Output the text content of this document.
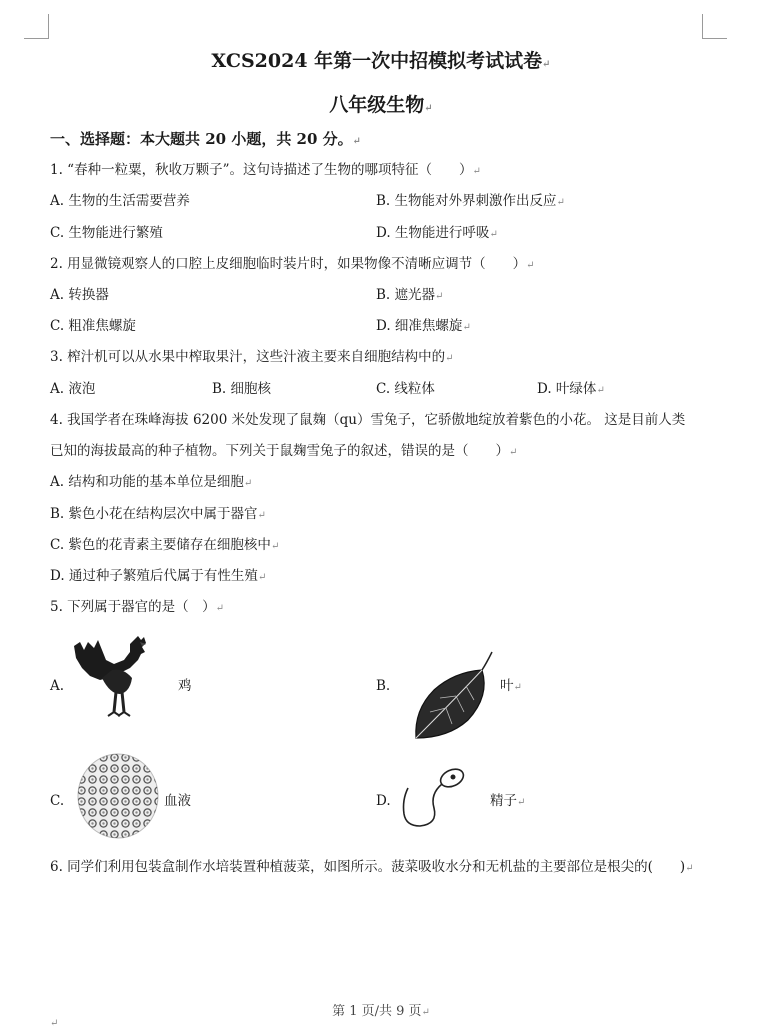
XCS2024 年第一次中招模拟考试试卷↵
八年级生物↵
一、选择题：本大题共 20 小题，共 20 分。↵
1. “春种一粒粟，秋收万颗子”。这句诗描述了生物的哪项特征（　　）↵
A. 生物的生活需要营养	B. 生物能对外界刺激作出反应↵
C. 生物能进行繁殖	D. 生物能进行呼吸↵
2. 用显微镜观察人的口腔上皮细胞临时装片时，如果物像不清晰应调节（　　）↵
A. 转换器	B. 遮光器↵
C. 粗准焦螺旋	D. 细准焦螺旋↵
3. 榨汁机可以从水果中榨取果汁，这些汁液主要来自细胞结构中的↵
A. 液泡	B. 细胞核	C. 线粒体	D. 叶绿体↵
4. 我国学者在珠峰海拔 6200 米处发现了鼠麹（qu）雪兔子，它骄傲地绽放着紫色的小花。 这是目前人类
已知的海拔最高的种子植物。下列关于鼠麹雪兔子的叙述，错误的是（　　）↵
A. 结构和功能的基本单位是细胞↵
B. 紫色小花在结构层次中属于器官↵
C. 紫色的花青素主要储存在细胞核中↵
D. 通过种子繁殖后代属于有性生殖↵
5. 下列属于器官的是（　）↵
A.	鸡	B.	叶↵
C.	血液	D.	精子↵
6. 同学们利用包装盒制作水培装置种植菠菜，如图所示。菠菜吸收水分和无机盐的主要部位是根尖的(　　)↵
第 1 页/共 9 页↵
↵
